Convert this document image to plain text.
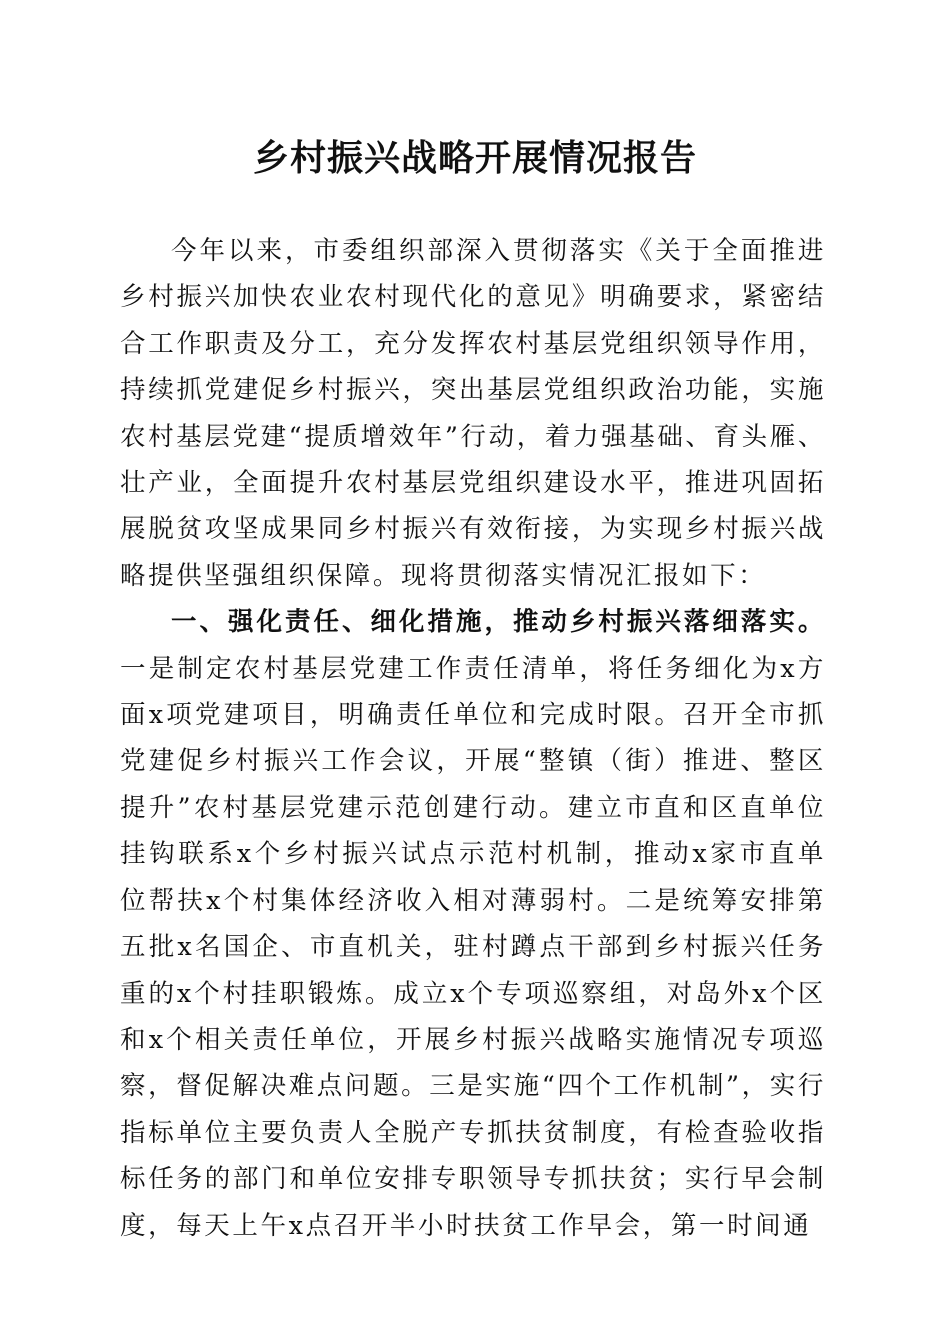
乡村振兴战略开展情况报告

今年以来，市委组织部深入贯彻落实《关于全面推进乡村振兴加快农业农村现代化的意见》明确要求，紧密结合工作职责及分工，充分发挥农村基层党组织领导作用，持续抓党建促乡村振兴，突出基层党组织政治功能，实施农村基层党建“提质增效年”行动，着力强基础、育头雁、壮产业，全面提升农村基层党组织建设水平，推进巩固拓展脱贫攻坚成果同乡村振兴有效衔接，为实现乡村振兴战略提供坚强组织保障。现将贯彻落实情况汇报如下：

一、强化责任、细化措施，推动乡村振兴落细落实。一是制定农村基层党建工作责任清单，将任务细化为x方面x项党建项目，明确责任单位和完成时限。召开全市抓党建促乡村振兴工作会议，开展“整镇（街）推进、整区提升”农村基层党建示范创建行动。建立市直和区直单位挂钩联系x个乡村振兴试点示范村机制，推动x家市直单位帮扶x个村集体经济收入相对薄弱村。二是统筹安排第五批x名国企、市直机关，驻村蹲点干部到乡村振兴任务重的x个村挂职锻炼。成立x个专项巡察组，对岛外x个区和x个相关责任单位，开展乡村振兴战略实施情况专项巡察，督促解决难点问题。三是实施“四个工作机制”，实行指标单位主要负责人全脱产专抓扶贫制度，有检查验收指标任务的部门和单位安排专职领导专抓扶贫；实行早会制度，每天上午x点召开半小时扶贫工作早会，第一时间通
